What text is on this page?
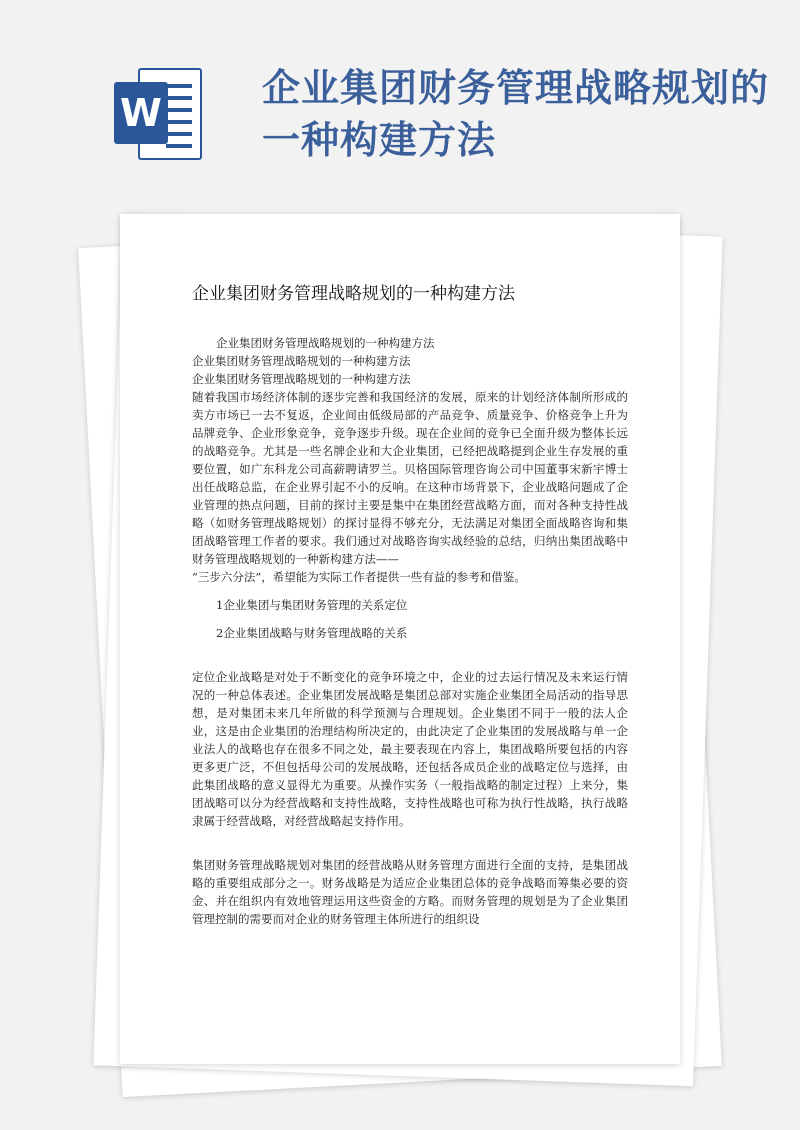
W
企业集团财务管理战略规划的一种构建方法
企业集团财务管理战略规划的一种构建方法

企业集团财务管理战略规划的一种构建方法

企业集团财务管理战略规划的一种构建方法

企业集团财务管理战略规划的一种构建方法

随着我国市场经济体制的逐步完善和我国经济的发展，原来的计划经济体制所形成的卖方市场已一去不复返，企业间由低级局部的产品竞争、质量竞争、价格竞争上升为品牌竞争、企业形象竞争，竞争逐步升级。现在企业间的竞争已全面升级为整体长远的战略竞争。尤其是一些名牌企业和大企业集团，已经把战略提到企业生存发展的重要位置，如广东科龙公司高薪聘请罗兰。贝格国际管理咨询公司中国董事宋新宇博士出任战略总监，在企业界引起不小的反响。在这种市场背景下，企业战略问题成了企业管理的热点问题，目前的探讨主要是集中在集团经营战略方面，而对各种支持性战略（如财务管理战略规划）的探讨显得不够充分，无法满足对集团全面战略咨询和集团战略管理工作者的要求。我们通过对战略咨询实战经验的总结，归纳出集团战略中财务管理战略规划的一种新构建方法——

“三步六分法”，希望能为实际工作者提供一些有益的参考和借鉴。

1企业集团与集团财务管理的关系定位
2企业集团战略与财务管理战略的关系

定位企业战略是对处于不断变化的竞争环境之中，企业的过去运行情况及未来运行情况的一种总体表述。企业集团发展战略是集团总部对实施企业集团全局活动的指导思想，是对集团未来几年所做的科学预测与合理规划。企业集团不同于一般的法人企业，这是由企业集团的治理结构所决定的，由此决定了企业集团的发展战略与单一企业法人的战略也存在很多不同之处，最主要表现在内容上，集团战略所要包括的内容更多更广泛，不但包括母公司的发展战略，还包括各成员企业的战略定位与选择，由此集团战略的意义显得尤为重要。从操作实务（一般指战略的制定过程）上来分，集团战略可以分为经营战略和支持性战略，支持性战略也可称为执行性战略，执行战略隶属于经营战略，对经营战略起支持作用。

集团财务管理战略规划对集团的经营战略从财务管理方面进行全面的支持，是集团战略的重要组成部分之一。财务战略是为适应企业集团总体的竞争战略而筹集必要的资金、并在组织内有效地管理运用这些资金的方略。而财务管理的规划是为了企业集团管理控制的需要而对企业的财务管理主体所进行的组织设
